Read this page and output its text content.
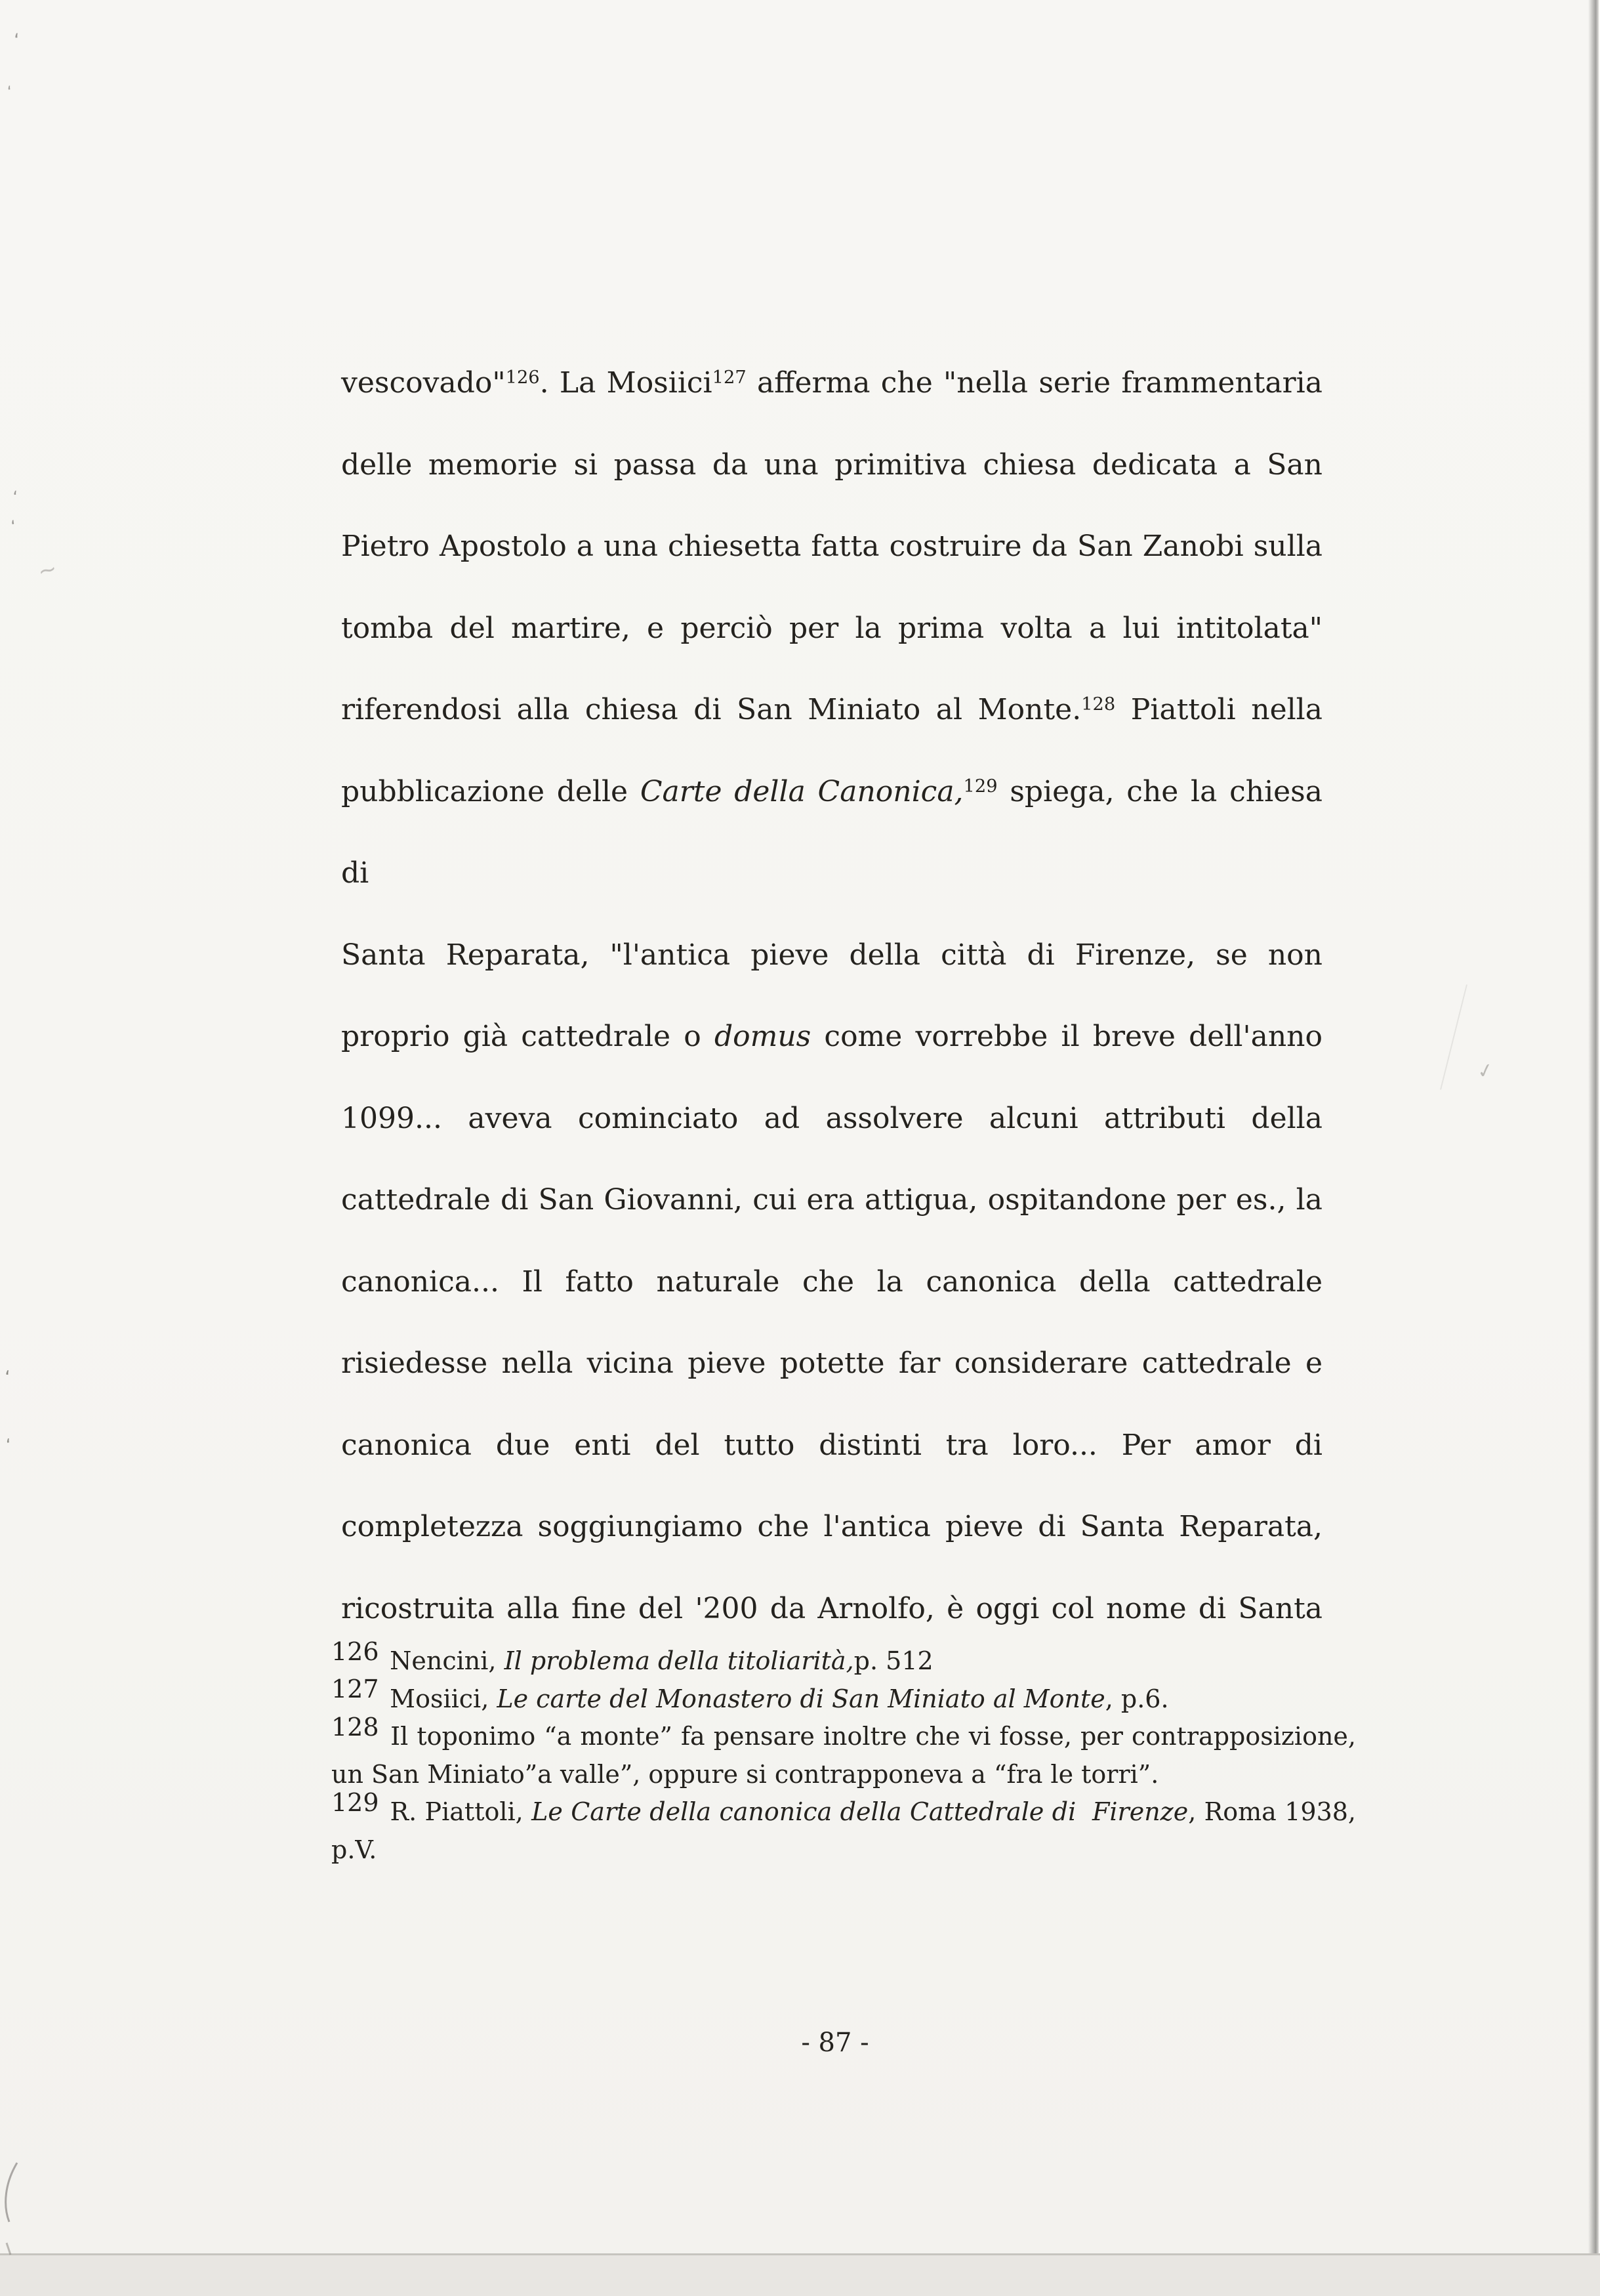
vescovado"$^{126}$. La Mosiici$^{127}$ afferma che "nella serie frammentaria
delle memorie si passa da una primitiva chiesa dedicata a San
Pietro Apostolo a una chiesetta fatta costruire da San Zanobi sulla
tomba del martire, e perciò per la prima volta a lui intitolata"
riferendosi alla chiesa di San Miniato al Monte.$^{128}$ Piattoli nella
pubblicazione delle Carte della Canonica,$^{129}$ spiega, che la chiesa di
Santa Reparata, "l'antica pieve della città di Firenze, se non
proprio già cattedrale o domus come vorrebbe il breve dell'anno
1099... aveva cominciato ad assolvere alcuni attributi della
cattedrale di San Giovanni, cui era attigua, ospitandone per es., la
canonica... Il fatto naturale che la canonica della cattedrale
risiedesse nella vicina pieve potette far considerare cattedrale e
canonica due enti del tutto distinti tra loro... Per amor di
completezza soggiungiamo che l'antica pieve di Santa Reparata,
ricostruita alla fine del '200 da Arnolfo, è oggi col nome di Santa
126 Nencini, Il problema della titoliarità,p. 512
127 Mosiici, Le carte del Monastero di San Miniato al Monte, p.6.
128 Il toponimo “a monte” fa pensare inoltre che vi fosse, per contrapposizione,
un San Miniato”a valle”, oppure si contrapponeva a “fra le torri”.
129 R. Piattoli, Le Carte della canonica della Cattedrale di  Firenze, Roma 1938,
p.V.
- 87 -
ʻ
ʻ
ʻ
ʻ
~
ʻ
ʻ
✓
